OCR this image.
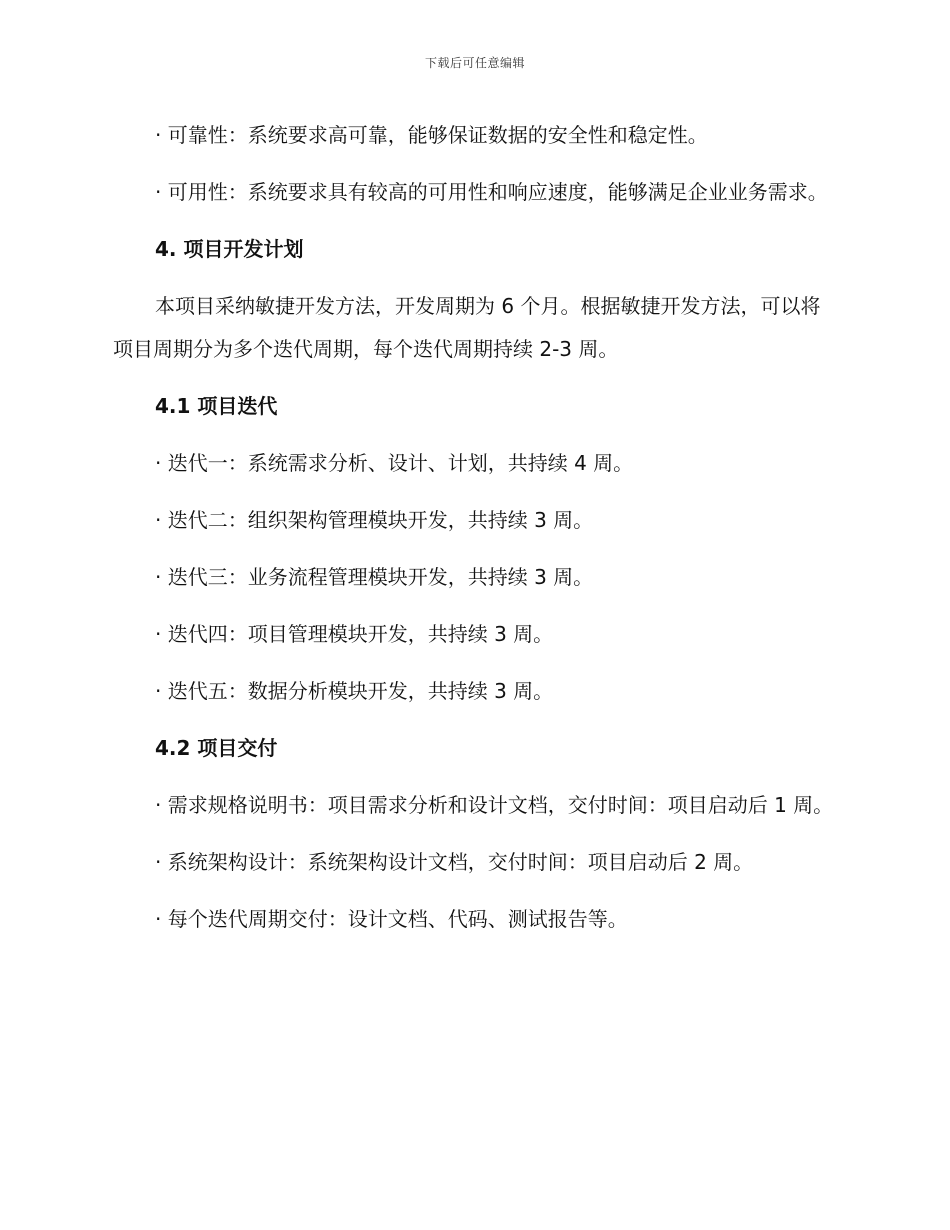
下载后可任意编辑

· 可靠性：系统要求高可靠，能够保证数据的安全性和稳定性。

· 可用性：系统要求具有较高的可用性和响应速度，能够满足企业业务需求。

4. 项目开发计划

本项目采纳敏捷开发方法，开发周期为 6 个月。根据敏捷开发方法，可以将项目周期分为多个迭代周期，每个迭代周期持续 2-3 周。

4.1 项目迭代

· 迭代一：系统需求分析、设计、计划，共持续 4 周。

· 迭代二：组织架构管理模块开发，共持续 3 周。

· 迭代三：业务流程管理模块开发，共持续 3 周。

· 迭代四：项目管理模块开发，共持续 3 周。

· 迭代五：数据分析模块开发，共持续 3 周。

4.2 项目交付

· 需求规格说明书：项目需求分析和设计文档，交付时间：项目启动后 1 周。

· 系统架构设计：系统架构设计文档，交付时间：项目启动后 2 周。

· 每个迭代周期交付：设计文档、代码、测试报告等。
